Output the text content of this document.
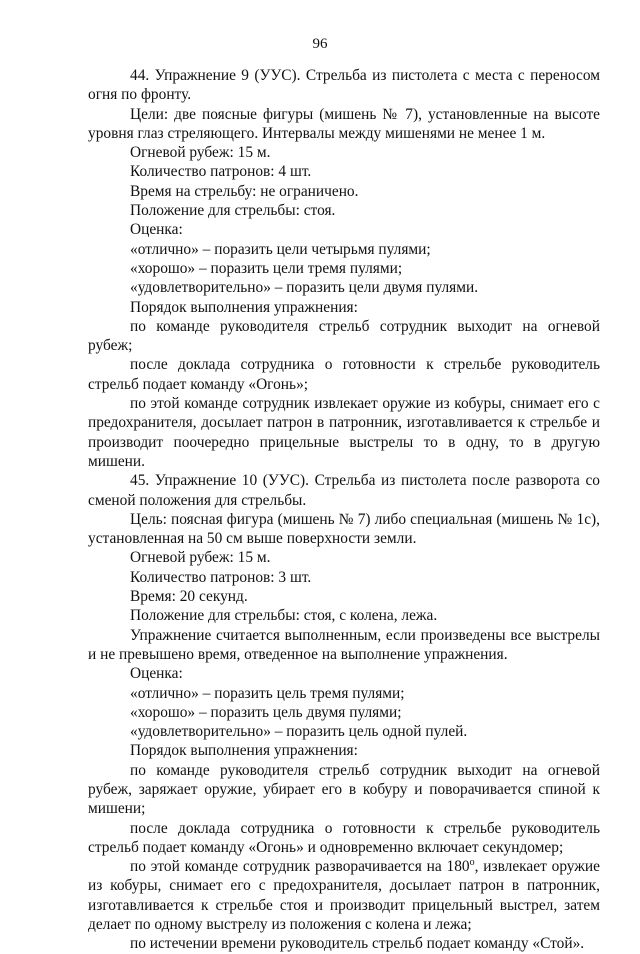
96

44. Упражнение 9 (УУС). Стрельба из пистолета с места с переносом огня по фронту.

Цели: две поясные фигуры (мишень № 7), установленные на высоте уровня глаз стреляющего. Интервалы между мишенями не менее 1 м.

Огневой рубеж: 15 м.

Количество патронов: 4 шт.

Время на стрельбу: не ограничено.

Положение для стрельбы: стоя.

Оценка:

«отлично» – поразить цели четырьмя пулями;

«хорошо» – поразить цели тремя пулями;

«удовлетворительно» – поразить цели двумя пулями.

Порядок выполнения упражнения:

по команде руководителя стрельб сотрудник выходит на огневой рубеж;

после доклада сотрудника о готовности к стрельбе руководитель стрельб подает команду «Огонь»;

по этой команде сотрудник извлекает оружие из кобуры, снимает его с предохранителя, досылает патрон в патронник, изготавливается к стрельбе и производит поочередно прицельные выстрелы то в одну, то в другую мишени.

45. Упражнение 10 (УУС). Стрельба из пистолета после разворота со сменой положения для стрельбы.

Цель: поясная фигура (мишень № 7) либо специальная (мишень № 1с), установленная на 50 см выше поверхности земли.

Огневой рубеж: 15 м.

Количество патронов: 3 шт.

Время: 20 секунд.

Положение для стрельбы: стоя, с колена, лежа.

Упражнение считается выполненным, если произведены все выстрелы и не превышено время, отведенное на выполнение упражнения.

Оценка:

«отлично» – поразить цель тремя пулями;

«хорошо» – поразить цель двумя пулями;

«удовлетворительно» – поразить цель одной пулей.

Порядок выполнения упражнения:

по команде руководителя стрельб сотрудник выходит на огневой рубеж, заряжает оружие, убирает его в кобуру и поворачивается спиной к мишени;

после доклада сотрудника о готовности к стрельбе руководитель стрельб подает команду «Огонь» и одновременно включает секундомер;

по этой команде сотрудник разворачивается на 180$^o$, извлекает оружие из кобуры, снимает его с предохранителя, досылает патрон в патронник, изготавливается к стрельбе стоя и производит прицельный выстрел, затем делает по одному выстрелу из положения с колена и лежа;

по истечении времени руководитель стрельб подает команду «Стой».
